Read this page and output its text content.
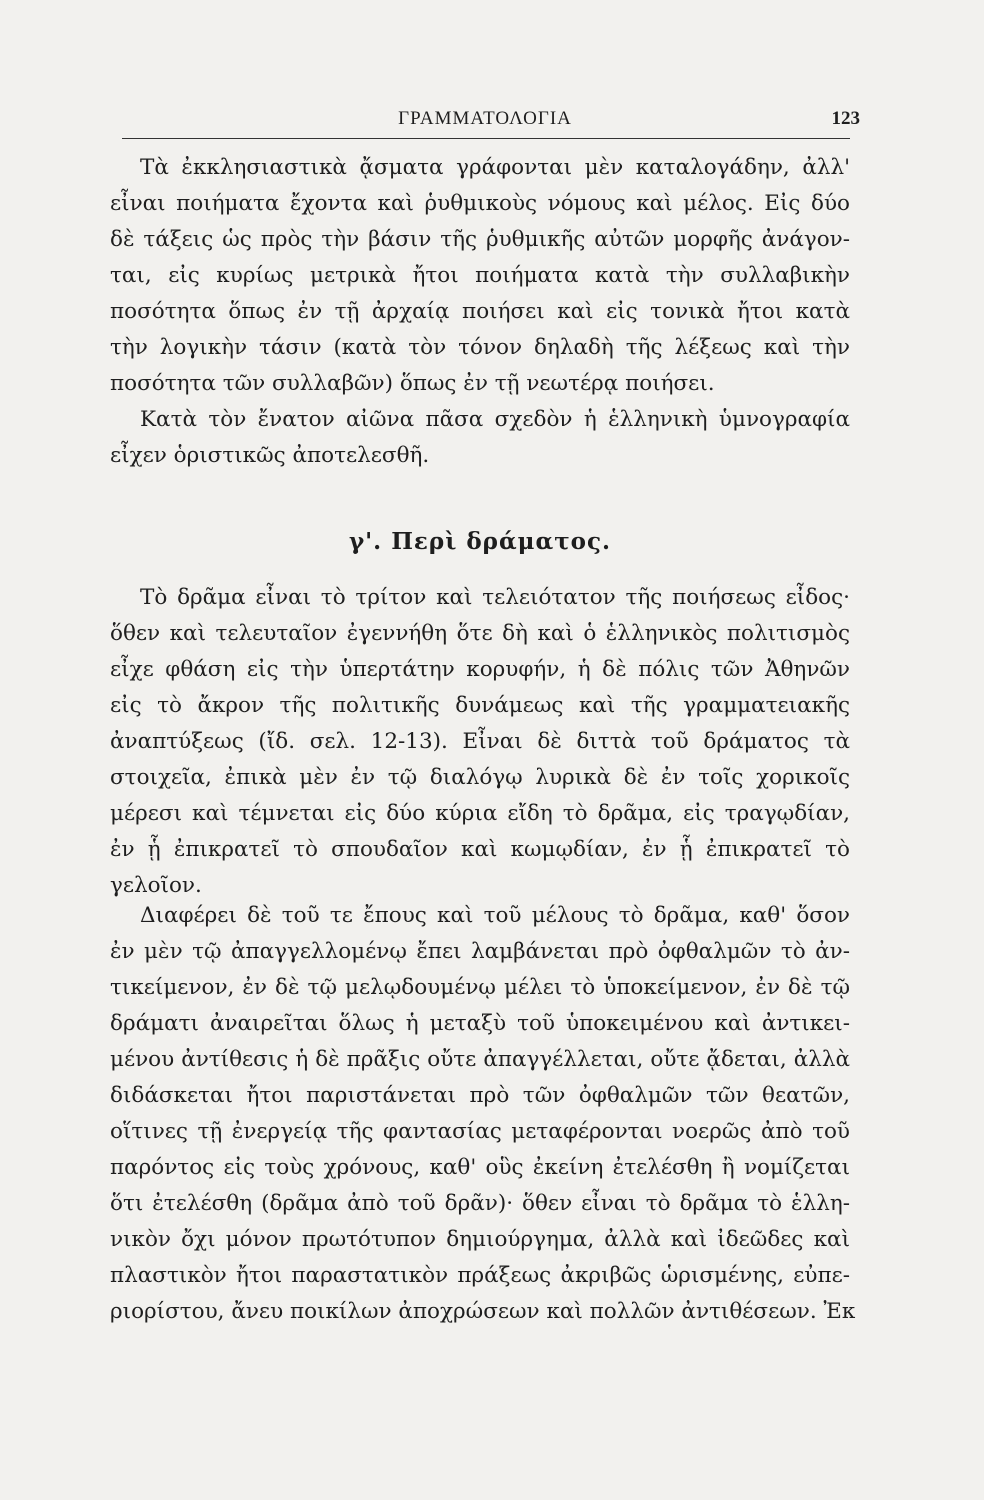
ΓΡΑΜΜΑΤΟΛΟΓΙΑ	123
Τὰ ἐκκλησιαστικὰ ᾄσματα γράφονται μὲν καταλογάδην, ἀλλ'
εἶναι ποιήματα ἔχοντα καὶ ῥυθμικοὺς νόμους καὶ μέλος. Εἰς δύο
δὲ τάξεις ὡς πρὸς τὴν βάσιν τῆς ῥυθμικῆς αὐτῶν μορφῆς ἀνάγον-
ται, εἰς κυρίως μετρικὰ ἤτοι ποιήματα κατὰ τὴν συλλαβικὴν
ποσότητα ὅπως ἐν τῇ ἀρχαίᾳ ποιήσει καὶ εἰς τονικὰ ἤτοι κατὰ
τὴν λογικὴν τάσιν (κατὰ τὸν τόνον δηλαδὴ τῆς λέξεως καὶ τὴν
ποσότητα τῶν συλλαβῶν) ὅπως ἐν τῇ νεωτέρᾳ ποιήσει.
Κατὰ τὸν ἔνατον αἰῶνα πᾶσα σχεδὸν ἡ ἑλληνικὴ ὑμνογραφία
εἶχεν ὁριστικῶς ἀποτελεσθῆ.
γ'. Περὶ δράματος.
Τὸ δρᾶμα εἶναι τὸ τρίτον καὶ τελειότατον τῆς ποιήσεως εἶδος·
ὅθεν καὶ τελευταῖον ἐγεννήθη ὅτε δὴ καὶ ὁ ἑλληνικὸς πολιτισμὸς
εἶχε φθάση εἰς τὴν ὑπερτάτην κορυφήν, ἡ δὲ πόλις τῶν Ἀθηνῶν
εἰς τὸ ἄκρον τῆς πολιτικῆς δυνάμεως καὶ τῆς γραμματειακῆς
ἀναπτύξεως (ἴδ. σελ. 12-13). Εἶναι δὲ διττὰ τοῦ δράματος τὰ
στοιχεῖα, ἐπικὰ μὲν ἐν τῷ διαλόγῳ λυρικὰ δὲ ἐν τοῖς χορικοῖς
μέρεσι καὶ τέμνεται εἰς δύο κύρια εἴδη τὸ δρᾶμα, εἰς τραγῳδίαν,
ἐν ᾗ ἐπικρατεῖ τὸ σπουδαῖον καὶ κωμῳδίαν, ἐν ᾗ ἐπικρατεῖ τὸ
γελοῖον.
Διαφέρει δὲ τοῦ τε ἔπους καὶ τοῦ μέλους τὸ δρᾶμα, καθ' ὅσον
ἐν μὲν τῷ ἀπαγγελλομένῳ ἔπει λαμβάνεται πρὸ ὀφθαλμῶν τὸ ἀν-
τικείμενον, ἐν δὲ τῷ μελῳδουμένῳ μέλει τὸ ὑποκείμενον, ἐν δὲ τῷ
δράματι ἀναιρεῖται ὅλως ἡ μεταξὺ τοῦ ὑποκειμένου καὶ ἀντικει-
μένου ἀντίθεσις ἡ δὲ πρᾶξις οὔτε ἀπαγγέλλεται, οὔτε ᾄδεται, ἀλλὰ
διδάσκεται ἤτοι παριστάνεται πρὸ τῶν ὀφθαλμῶν τῶν θεατῶν,
οἵτινες τῇ ἐνεργείᾳ τῆς φαντασίας μεταφέρονται νοερῶς ἀπὸ τοῦ
παρόντος εἰς τοὺς χρόνους, καθ' οὓς ἐκείνη ἐτελέσθη ἢ νομίζεται
ὅτι ἐτελέσθη (δρᾶμα ἀπὸ τοῦ δρᾶν)· ὅθεν εἶναι τὸ δρᾶμα τὸ ἑλλη-
νικὸν ὄχι μόνον πρωτότυπον δημιούργημα, ἀλλὰ καὶ ἰδεῶδες καὶ
πλαστικὸν ἤτοι παραστατικὸν πράξεως ἀκριβῶς ὡρισμένης, εὐπε-
ριορίστου, ἄνευ ποικίλων ἀποχρώσεων καὶ πολλῶν ἀντιθέσεων. Ἐκ
